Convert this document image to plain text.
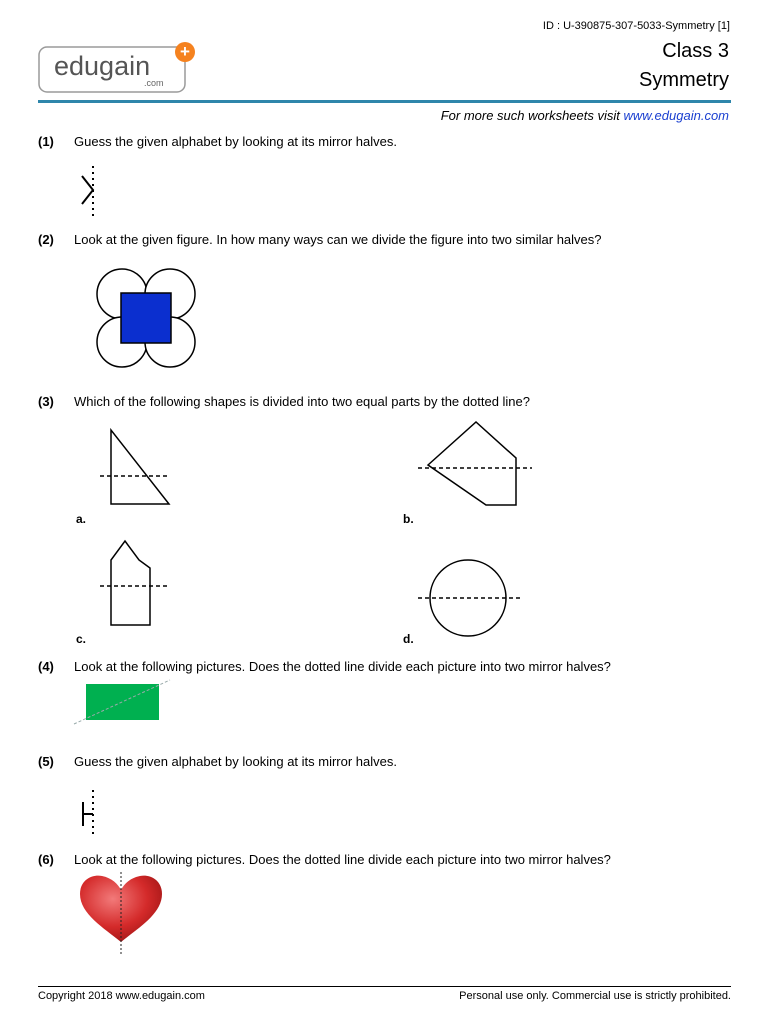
ID : U-390875-307-5033-Symmetry [1]
Class 3
Symmetry
edugain
.com
+
For more such worksheets visit www.edugain.com
(1) Guess the given alphabet by looking at its mirror halves.
(2) Look at the given figure. In how many ways can we divide the figure into two similar halves?
(3) Which of the following shapes is divided into two equal parts by the dotted line?
a.	b.
c.	d.
(4) Look at the following pictures. Does the dotted line divide each picture into two mirror halves?
(5) Guess the given alphabet by looking at its mirror halves.
(6) Look at the following pictures. Does the dotted line divide each picture into two mirror halves?
Copyright 2018 www.edugain.com	Personal use only. Commercial use is strictly prohibited.
